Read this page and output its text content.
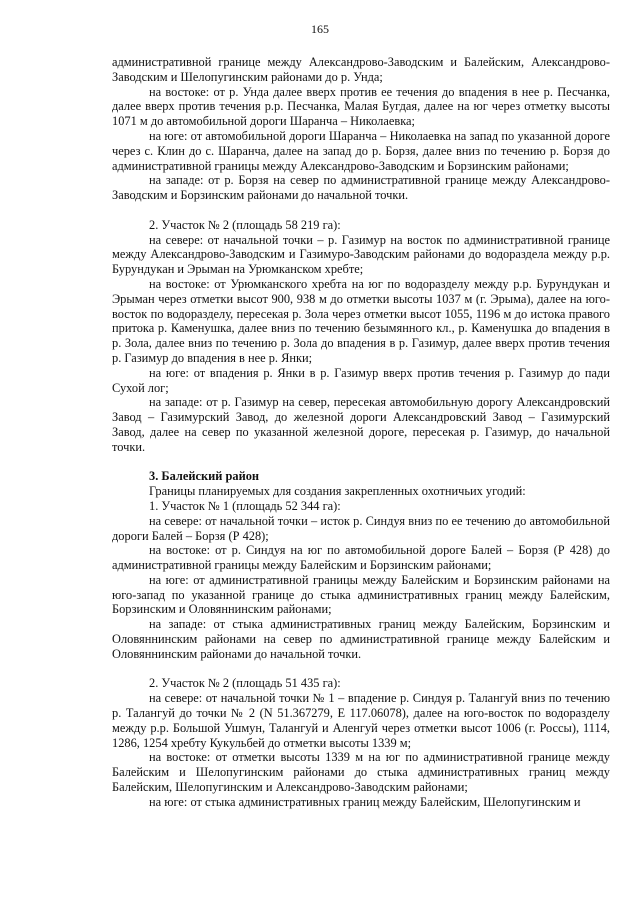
165

административной границе между Александрово-Заводским и Балейским, Александрово-Заводским и Шелопугинским районами до р. Унда;

на востоке: от р. Унда далее вверх против ее течения до впадения в нее р. Песчанка, далее вверх против течения р.р. Песчанка, Малая Бугдая, далее на юг через отметку высоты 1071 м до автомобильной дороги Шаранча – Николаевка;

на юге: от автомобильной дороги Шаранча – Николаевка на запад по указанной дороге через с. Клин до с. Шаранча, далее на запад до р. Борзя, далее вниз по течению р. Борзя до административной границы между Александрово-Заводским и Борзинским районами;

на западе: от р. Борзя на север по административной границе между Александрово-Заводским и Борзинским районами до начальной точки.

2. Участок № 2 (площадь 58 219 га):

на севере: от начальной точки – р. Газимур на восток по административной границе между Александрово-Заводским и Газимуро-Заводским районами до водораздела между р.р. Бурундукан и Эрыман на Урюмканском хребте;

на востоке: от Урюмканского хребта на юг по водоразделу между р.р. Бурундукан и Эрыман через отметки высот 900, 938 м до отметки высоты 1037 м (г. Эрыма), далее на юго-восток по водоразделу, пересекая р. Зола через отметки высот 1055, 1196 м до истока правого притока р. Каменушка, далее вниз по течению безымянного кл., р. Каменушка до впадения в р. Зола, далее вниз по течению р. Зола до впадения в р. Газимур, далее вверх против течения р. Газимур до впадения в нее р. Янки;

на юге: от впадения р. Янки в р. Газимур вверх против течения р. Газимур до пади Сухой лог;

на западе: от р. Газимур на север, пересекая автомобильную дорогу Александровский Завод – Газимурский Завод, до железной дороги Александровский Завод – Газимурский Завод, далее на север по указанной железной дороге, пересекая р. Газимур, до начальной точки.

3. Балейский район

Границы планируемых для создания закрепленных охотничьих угодий:

1. Участок № 1 (площадь 52 344 га):

на севере: от начальной точки – исток р. Синдуя вниз по ее течению до автомобильной дороги Балей – Борзя (Р 428);

на востоке: от р. Синдуя на юг по автомобильной дороге Балей – Борзя (Р 428) до административной границы между Балейским и Борзинским районами;

на юге: от административной границы между Балейским и Борзинским районами на юго-запад по указанной границе до стыка административных границ между Балейским, Борзинским и Оловяннинским районами;

на западе: от стыка административных границ между Балейским, Борзинским и Оловяннинским районами на север по административной границе между Балейским и Оловяннинским районами до начальной точки.

2. Участок № 2 (площадь 51 435 га):

на севере: от начальной точки № 1 – впадение р. Синдуя р. Талангуй вниз по течению р. Талангуй до точки № 2 (N 51.367279, E 117.06078), далее на юго-восток по водоразделу между р.р. Большой Ушмун, Талангуй и Аленгуй через отметки высот 1006 (г. Россы), 1114, 1286, 1254 хребту Кукульбей до отметки высоты 1339 м;

на востоке: от отметки высоты 1339 м на юг по административной границе между Балейским и Шелопугинским районами до стыка административных границ между Балейским, Шелопугинским и Александрово-Заводским районами;

на юге: от стыка административных границ между Балейским, Шелопугинским и
